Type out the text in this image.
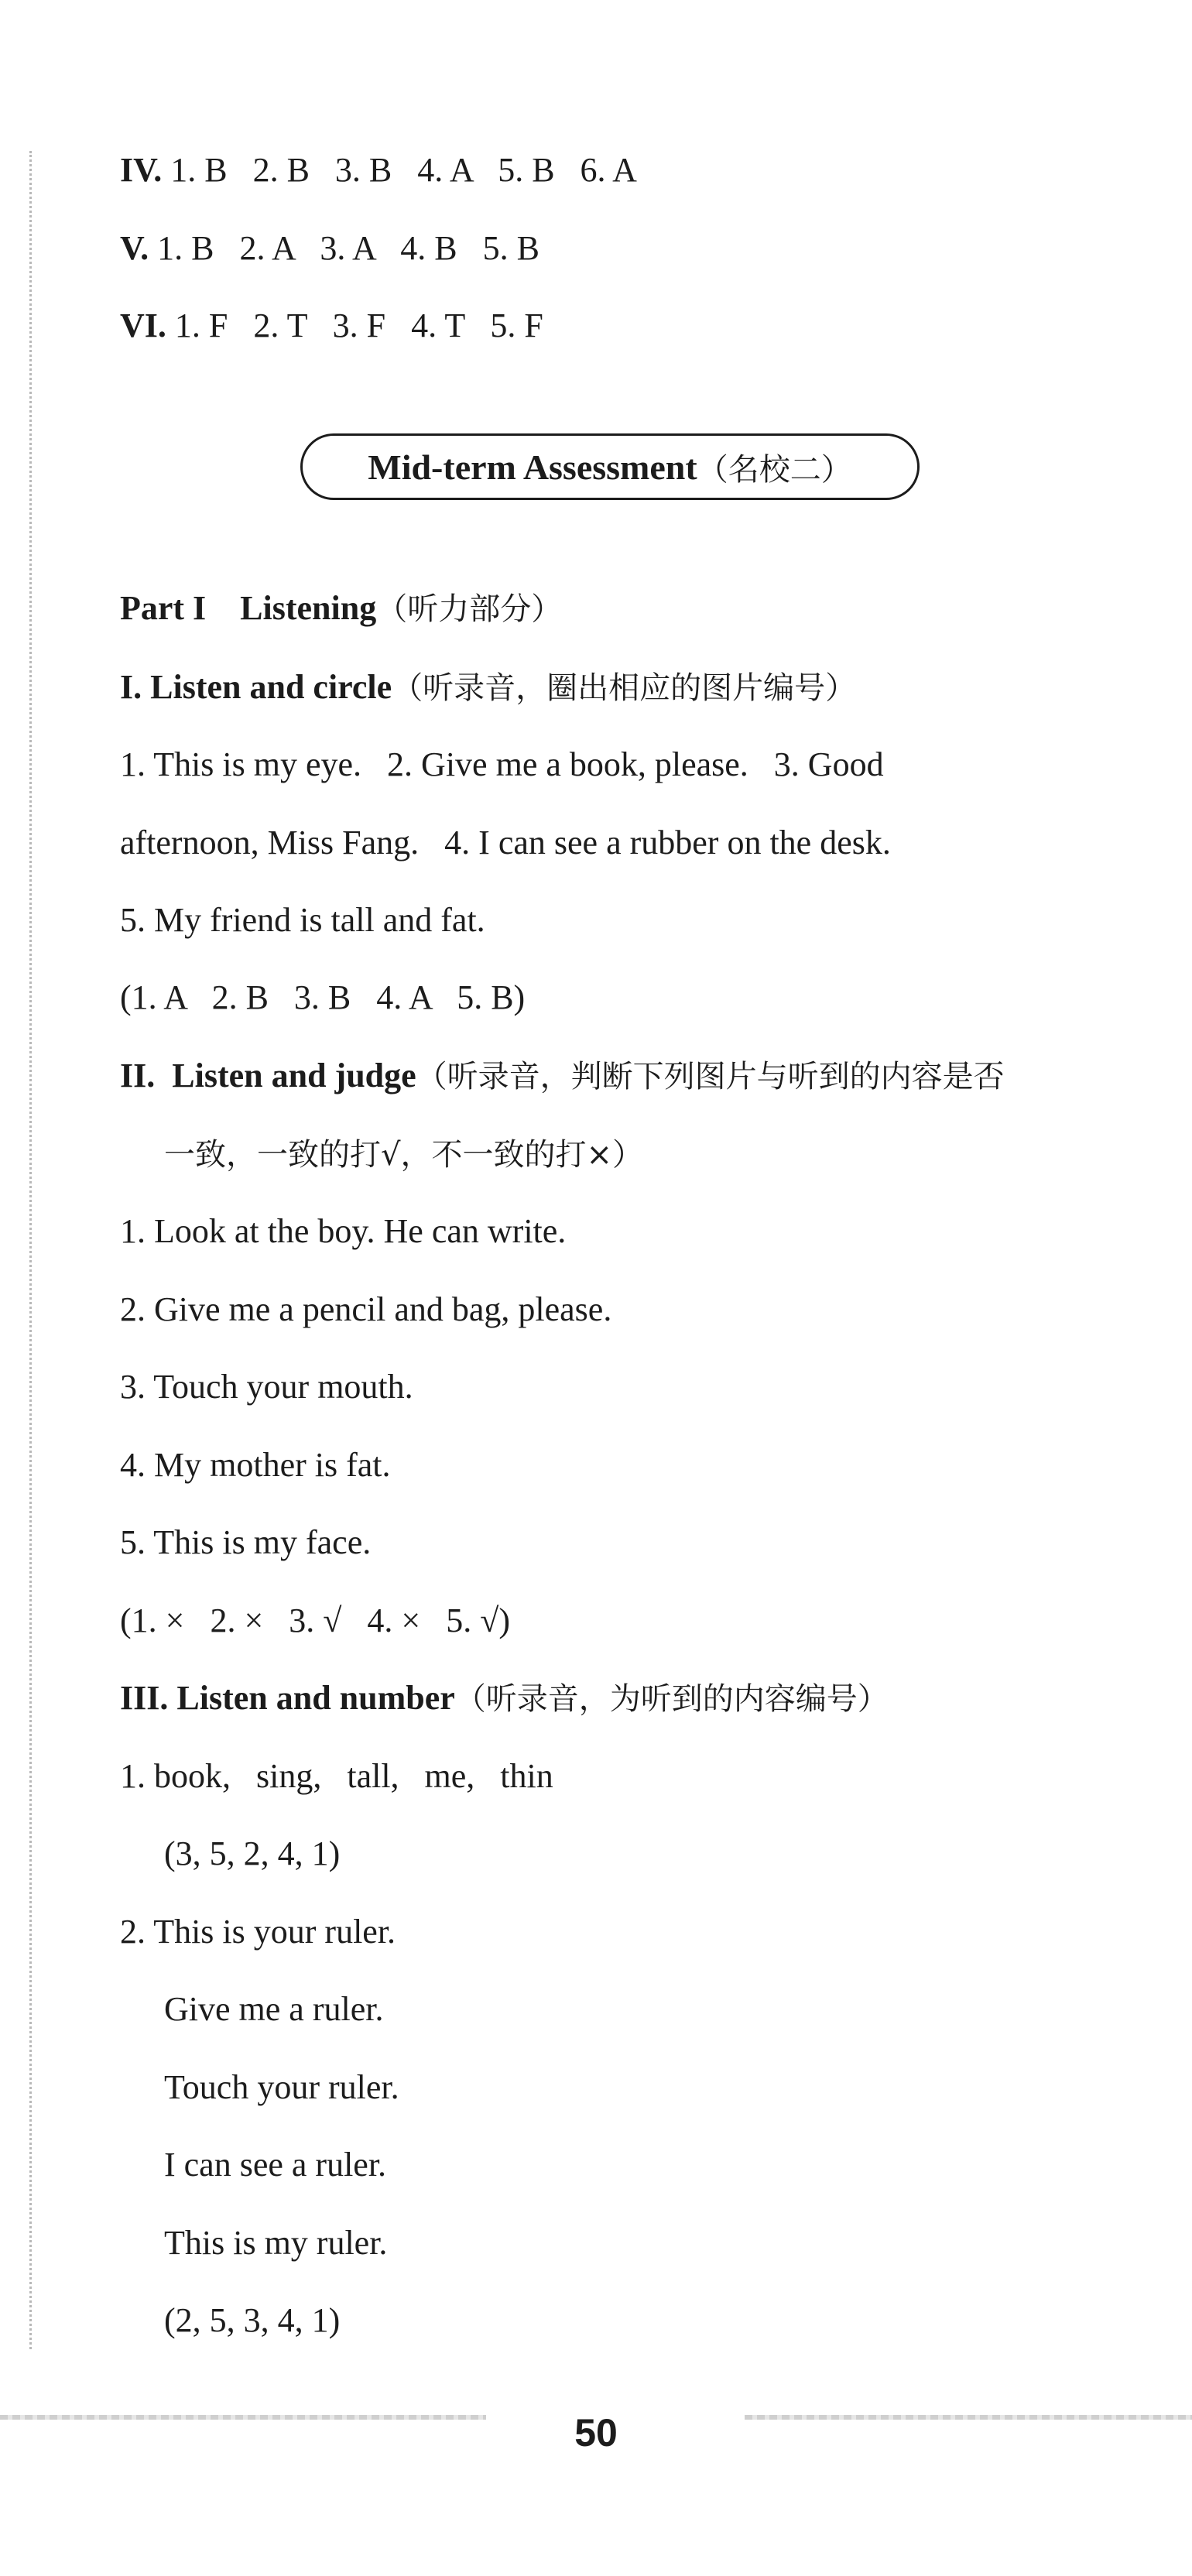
IV. 1. B   2. B   3. B   4. A   5. B   6. A

V. 1. B   2. A   3. A   4. B   5. B

VI. 1. F   2. T   3. F   4. T   5. F

Mid-term Assessment （名校二）

Part I    Listening（听力部分）

I. Listen and circle（听录音，圈出相应的图片编号）

1. This is my eye.   2. Give me a book, please.   3. Good

afternoon, Miss Fang.   4. I can see a rubber on the desk.

5. My friend is tall and fat.

(1. A   2. B   3. B   4. A   5. B)

II.  Listen and judge（听录音，判断下列图片与听到的内容是否

一致，一致的打√，不一致的打×）

1. Look at the boy. He can write.

2. Give me a pencil and bag, please.

3. Touch your mouth.

4. My mother is fat.

5. This is my face.

(1. ×   2. ×   3. √   4. ×   5. √)

III. Listen and number（听录音，为听到的内容编号）

1. book,   sing,   tall,   me,   thin

(3, 5, 2, 4, 1)

2. This is your ruler.

Give me a ruler.

Touch your ruler.

I can see a ruler.

This is my ruler.

(2, 5, 3, 4, 1)

50
